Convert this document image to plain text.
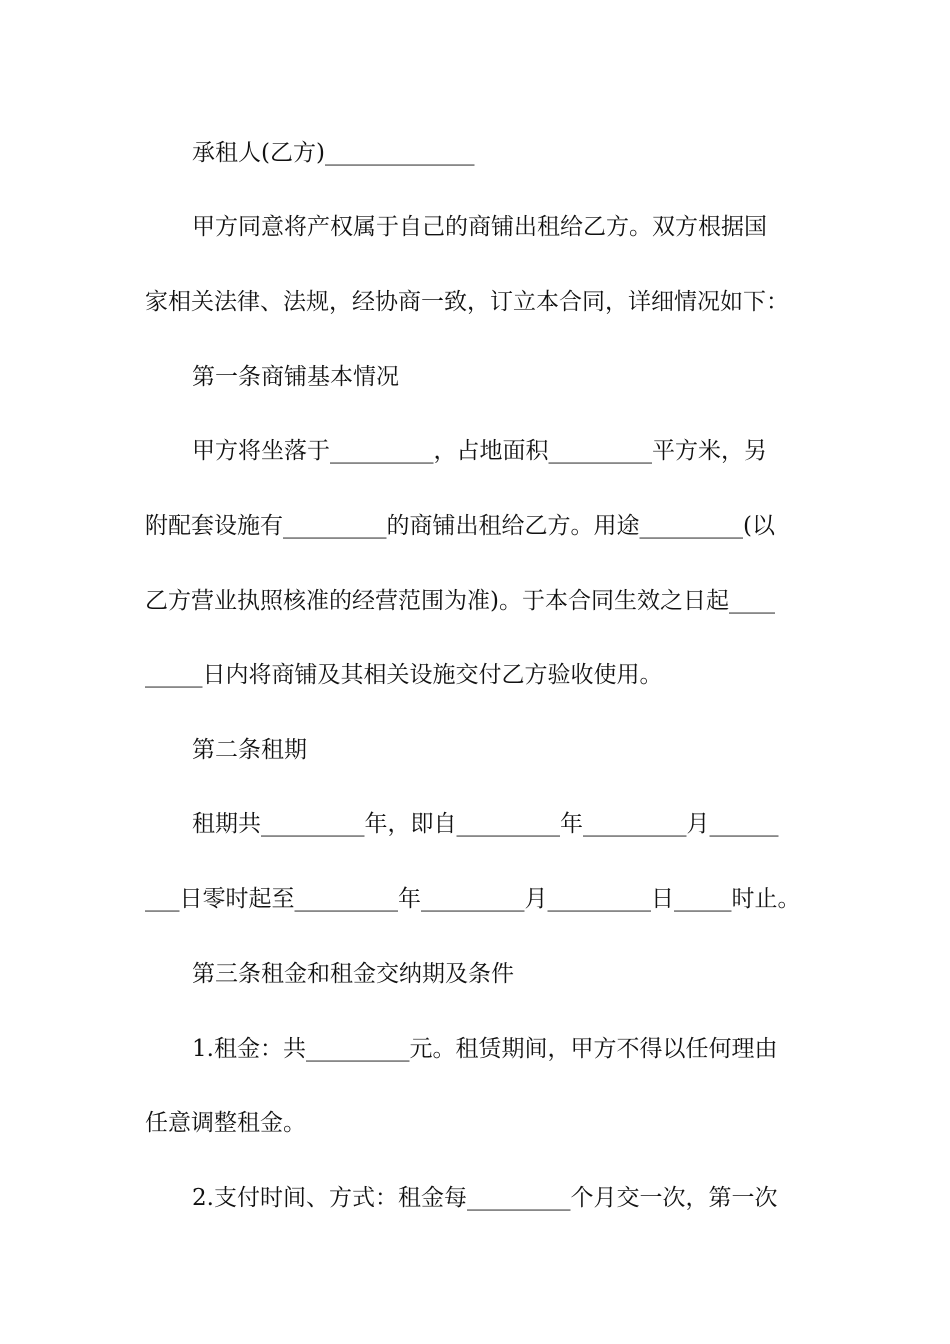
承租人(乙方)_____________
甲方同意将产权属于自己的商铺出租给乙方。双方根据国
家相关法律、法规，经协商一致，订立本合同，详细情况如下：
第一条商铺基本情况
甲方将坐落于_________，占地面积_________平方米，另
附配套设施有_________的商铺出租给乙方。用途_________(以
乙方营业执照核准的经营范围为准)。于本合同生效之日起____
_____日内将商铺及其相关设施交付乙方验收使用。
第二条租期
租期共_________年，即自_________年_________月______
___日零时起至_________年_________月_________日_____时止。
第三条租金和租金交纳期及条件
1.租金：共_________元。租赁期间，甲方不得以任何理由
任意调整租金。
2.支付时间、方式：租金每_________个月交一次，第一次
